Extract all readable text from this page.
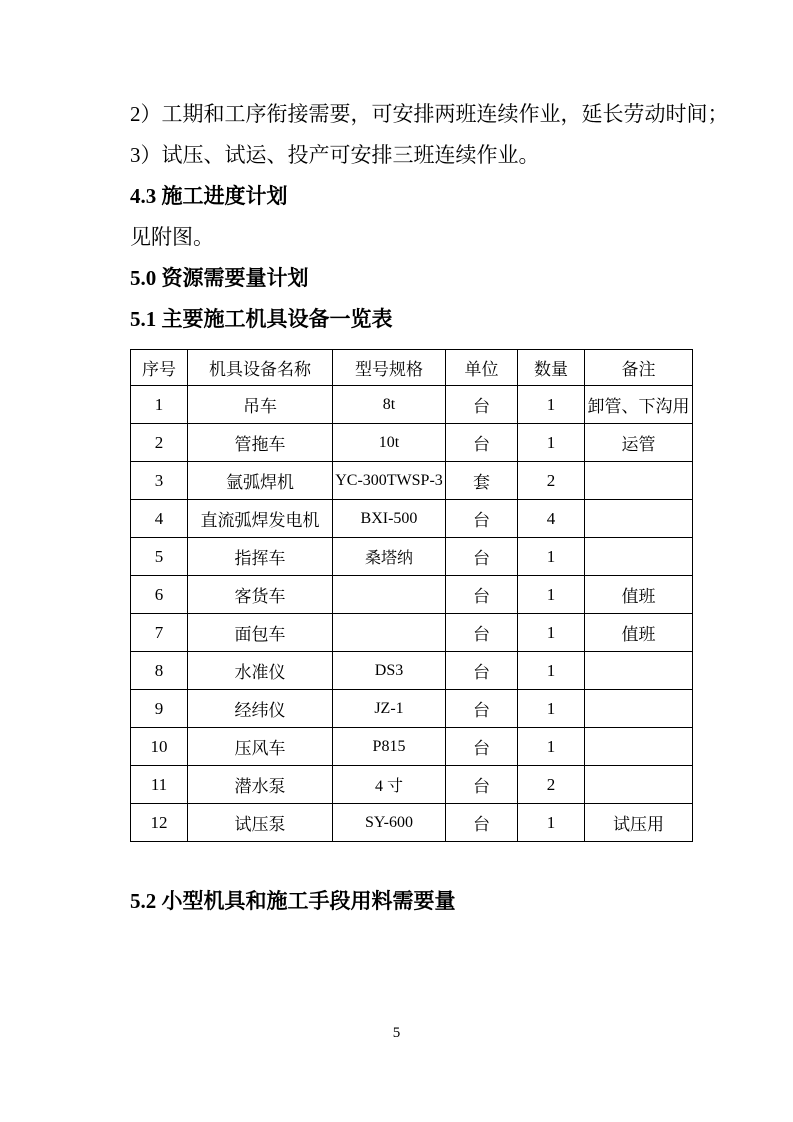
2）工期和工序衔接需要，可安排两班连续作业，延长劳动时间；

3）试压、试运、投产可安排三班连续作业。

4.3 施工进度计划

见附图。

5.0 资源需要量计划

5.1 主要施工机具设备一览表

序号	机具设备名称	型号规格	单位	数量	备注
1	吊车	8t	台	1	卸管、下沟用
2	管拖车	10t	台	1	运管
3	氩弧焊机	YC-300TWSP-3	套	2	
4	直流弧焊发电机	BXI-500	台	4	
5	指挥车	桑塔纳	台	1	
6	客货车		台	1	值班
7	面包车		台	1	值班
8	水准仪	DS3	台	1	
9	经纬仪	JZ-1	台	1	
10	压风车	P815	台	1	
11	潜水泵	4 寸	台	2	
12	试压泵	SY-600	台	1	试压用

5.2 小型机具和施工手段用料需要量

5
